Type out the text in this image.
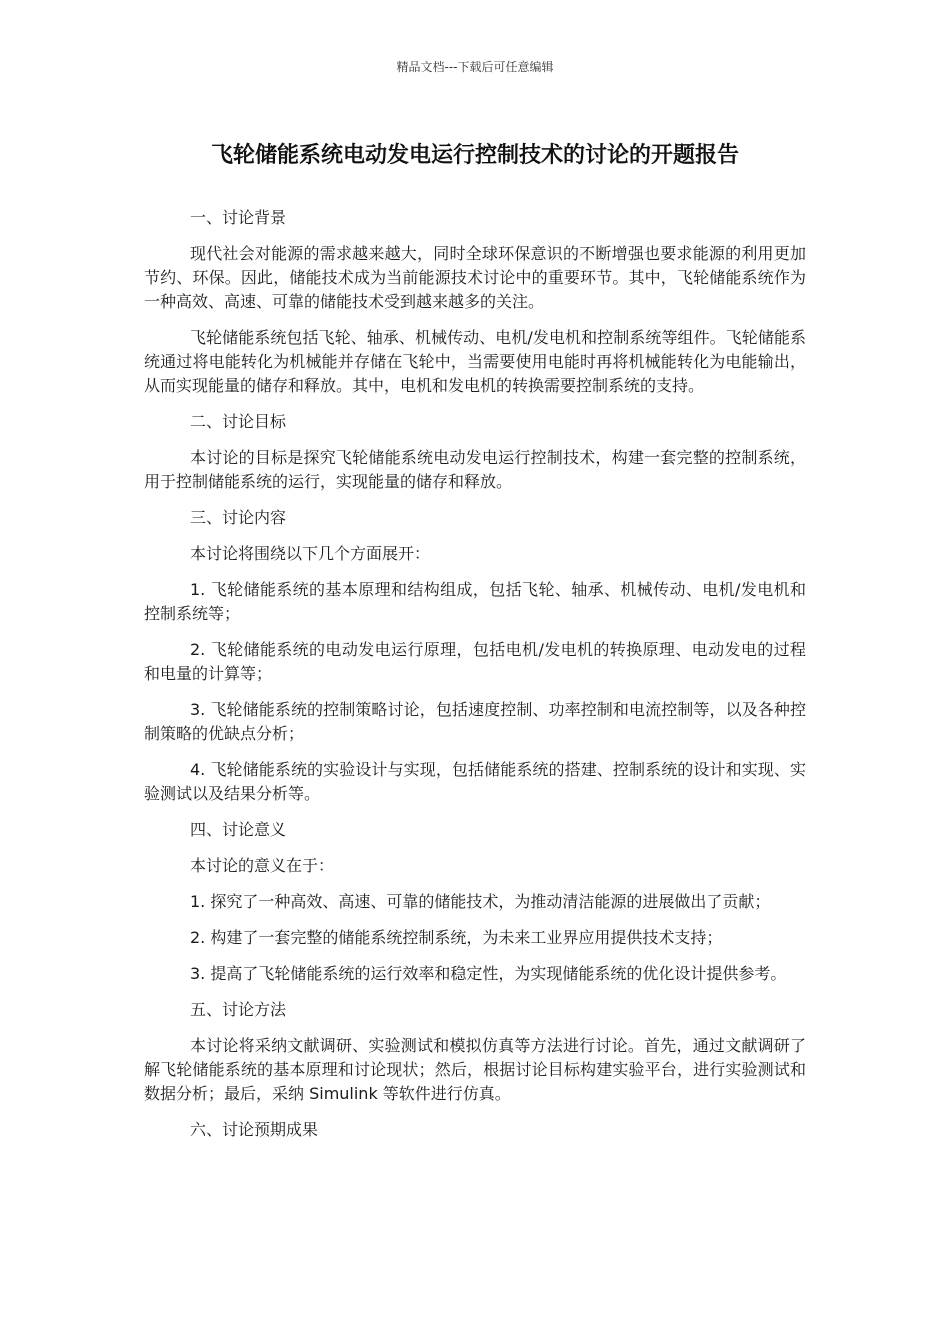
精品文档---下载后可任意编辑
飞轮储能系统电动发电运行控制技术的讨论的开题报告
一、讨论背景
现代社会对能源的需求越来越大，同时全球环保意识的不断增强也要求能源的利用更加节约、环保。因此，储能技术成为当前能源技术讨论中的重要环节。其中，飞轮储能系统作为一种高效、高速、可靠的储能技术受到越来越多的关注。
飞轮储能系统包括飞轮、轴承、机械传动、电机/发电机和控制系统等组件。飞轮储能系统通过将电能转化为机械能并存储在飞轮中，当需要使用电能时再将机械能转化为电能输出，从而实现能量的储存和释放。其中，电机和发电机的转换需要控制系统的支持。
二、讨论目标
本讨论的目标是探究飞轮储能系统电动发电运行控制技术，构建一套完整的控制系统，用于控制储能系统的运行，实现能量的储存和释放。
三、讨论内容
本讨论将围绕以下几个方面展开：
1. 飞轮储能系统的基本原理和结构组成，包括飞轮、轴承、机械传动、电机/发电机和控制系统等；
2. 飞轮储能系统的电动发电运行原理，包括电机/发电机的转换原理、电动发电的过程和电量的计算等；
3. 飞轮储能系统的控制策略讨论，包括速度控制、功率控制和电流控制等，以及各种控制策略的优缺点分析；
4. 飞轮储能系统的实验设计与实现，包括储能系统的搭建、控制系统的设计和实现、实验测试以及结果分析等。
四、讨论意义
本讨论的意义在于：
1. 探究了一种高效、高速、可靠的储能技术，为推动清洁能源的进展做出了贡献；
2. 构建了一套完整的储能系统控制系统，为未来工业界应用提供技术支持；
3. 提高了飞轮储能系统的运行效率和稳定性，为实现储能系统的优化设计提供参考。
五、讨论方法
本讨论将采纳文献调研、实验测试和模拟仿真等方法进行讨论。首先，通过文献调研了解飞轮储能系统的基本原理和讨论现状；然后，根据讨论目标构建实验平台，进行实验测试和数据分析；最后，采纳 Simulink 等软件进行仿真。
六、讨论预期成果
